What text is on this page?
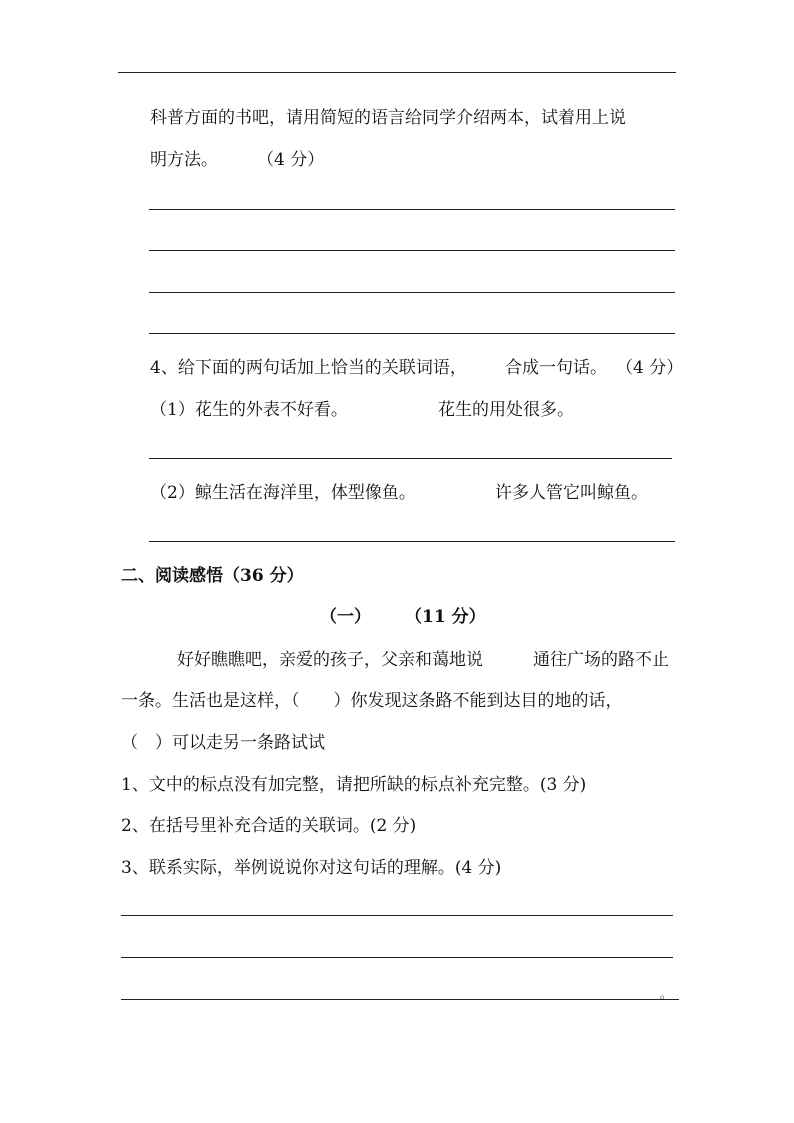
科普方面的书吧，请用简短的语言给同学介绍两本，试着用上说
明方法。 （4 分）
4、给下面的两句话加上恰当的关联词语， 合成一句话。 （4 分）
（1）花生的外表不好看。	花生的用处很多。
（2）鲸生活在海洋里，体型像鱼。	许多人管它叫鲸鱼。
二、阅读感悟（36 分）
（一） （11 分）
好好瞧瞧吧，亲爱的孩子，父亲和蔼地说	通往广场的路不止
一条。生活也是这样，（　　）你发现这条路不能到达目的地的话，
（　）可以走另一条路试试
1、文中的标点没有加完整，请把所缺的标点补充完整。(3 分)
2、在括号里补充合适的关联词。(2 分)
3、联系实际，举例说说你对这句话的理解。(4 分)
。
